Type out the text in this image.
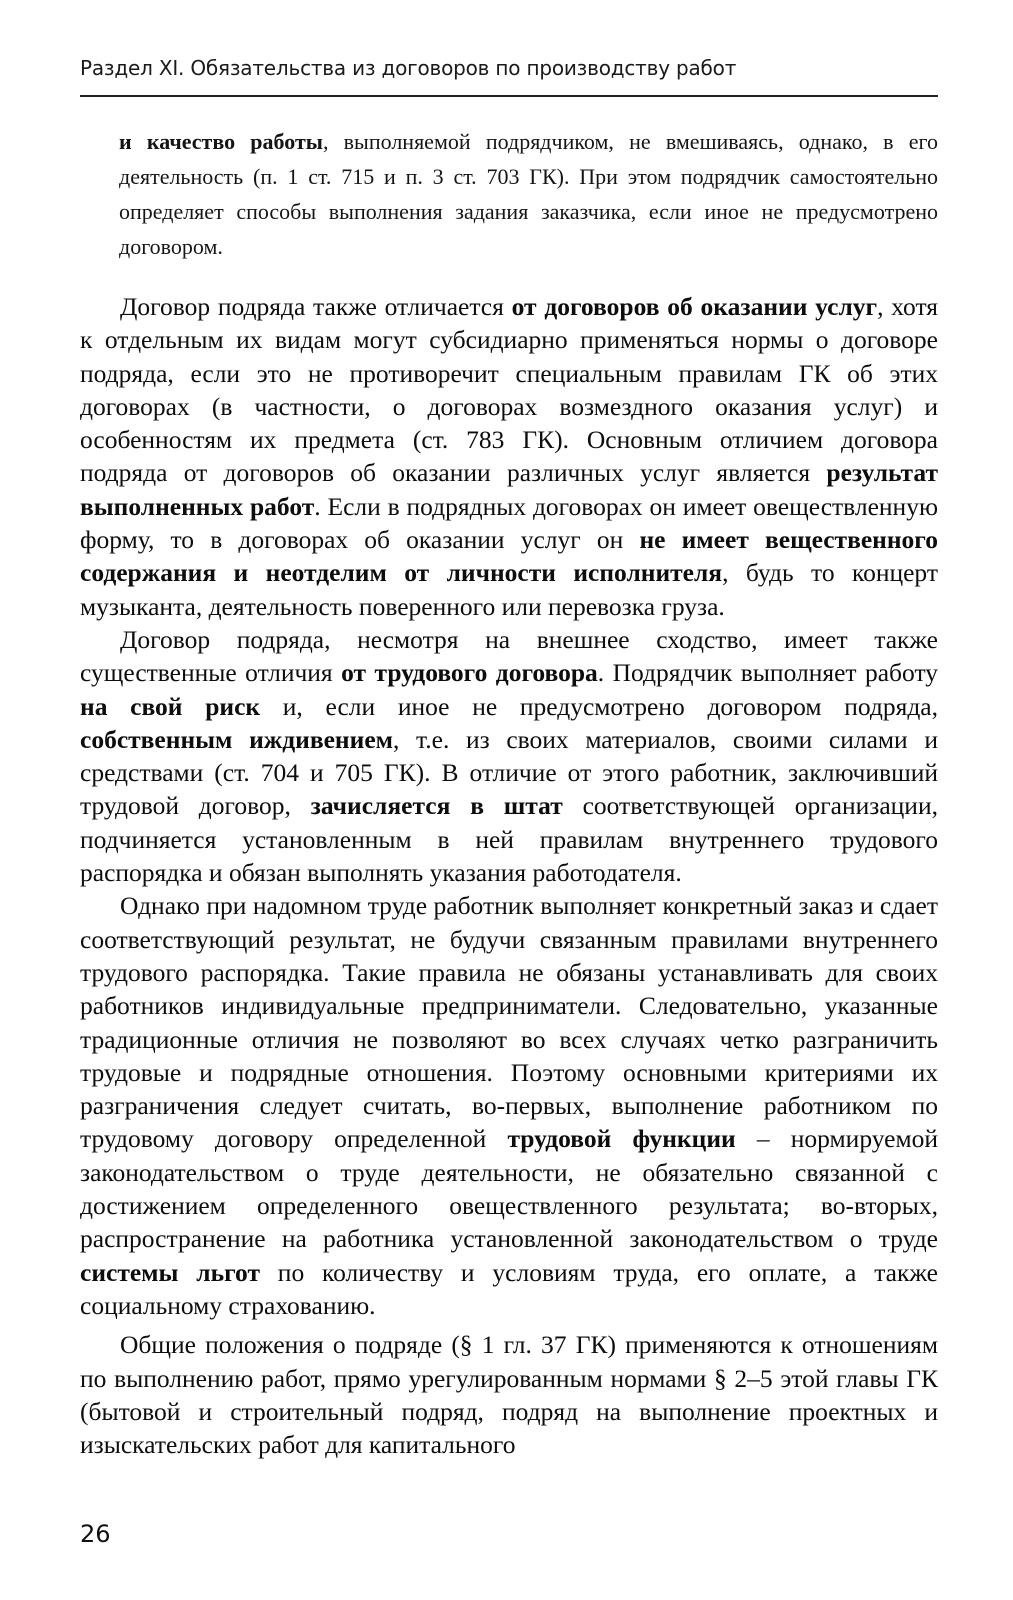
Раздел XI. Обязательства из договоров по производству работ
и качество работы, выполняемой подрядчиком, не вмешиваясь, однако, в его деятельность (п. 1 ст. 715 и п. 3 ст. 703 ГК). При этом подрядчик самостоятельно определяет способы выполнения задания заказчика, если иное не предусмотрено договором.

Договор подряда также отличается от договоров об оказании услуг, хотя к отдельным их видам могут субсидиарно применяться нормы о договоре подряда, если это не противоречит специальным правилам ГК об этих договорах (в частности, о договорах возмездного оказания услуг) и особенностям их предмета (ст. 783 ГК). Основным отличием договора подряда от договоров об оказании различных услуг является результат выполненных работ. Если в подрядных договорах он имеет овеществленную форму, то в договорах об оказании услуг он не имеет вещественного содержания и неотделим от личности исполнителя, будь то концерт музыканта, деятельность поверенного или перевозка груза.

Договор подряда, несмотря на внешнее сходство, имеет также существенные отличия от трудового договора. Подрядчик выполняет работу на свой риск и, если иное не предусмотрено договором подряда, собственным иждивением, т.е. из своих материалов, своими силами и средствами (ст. 704 и 705 ГК). В отличие от этого работник, заключивший трудовой договор, зачисляется в штат соответствующей организации, подчиняется установленным в ней правилам внутреннего трудового распорядка и обязан выполнять указания работодателя.

Однако при надомном труде работник выполняет конкретный заказ и сдает соответствующий результат, не будучи связанным правилами внутреннего трудового распорядка. Такие правила не обязаны устанавливать для своих работников индивидуальные предприниматели. Следовательно, указанные традиционные отличия не позволяют во всех случаях четко разграничить трудовые и подрядные отношения. Поэтому основными критериями их разграничения следует считать, во-первых, выполнение работником по трудовому договору определенной трудовой функции – нормируемой законодательством о труде деятельности, не обязательно связанной с достижением определенного овеществленного результата; во-вторых, распространение на работника установленной законодательством о труде системы льгот по количеству и условиям труда, его оплате, а также социальному страхованию.

Общие положения о подряде (§ 1 гл. 37 ГК) применяются к отношениям по выполнению работ, прямо урегулированным нормами § 2–5 этой главы ГК (бытовой и строительный подряд, подряд на выполнение проектных и изыскательских работ для капитального

26
